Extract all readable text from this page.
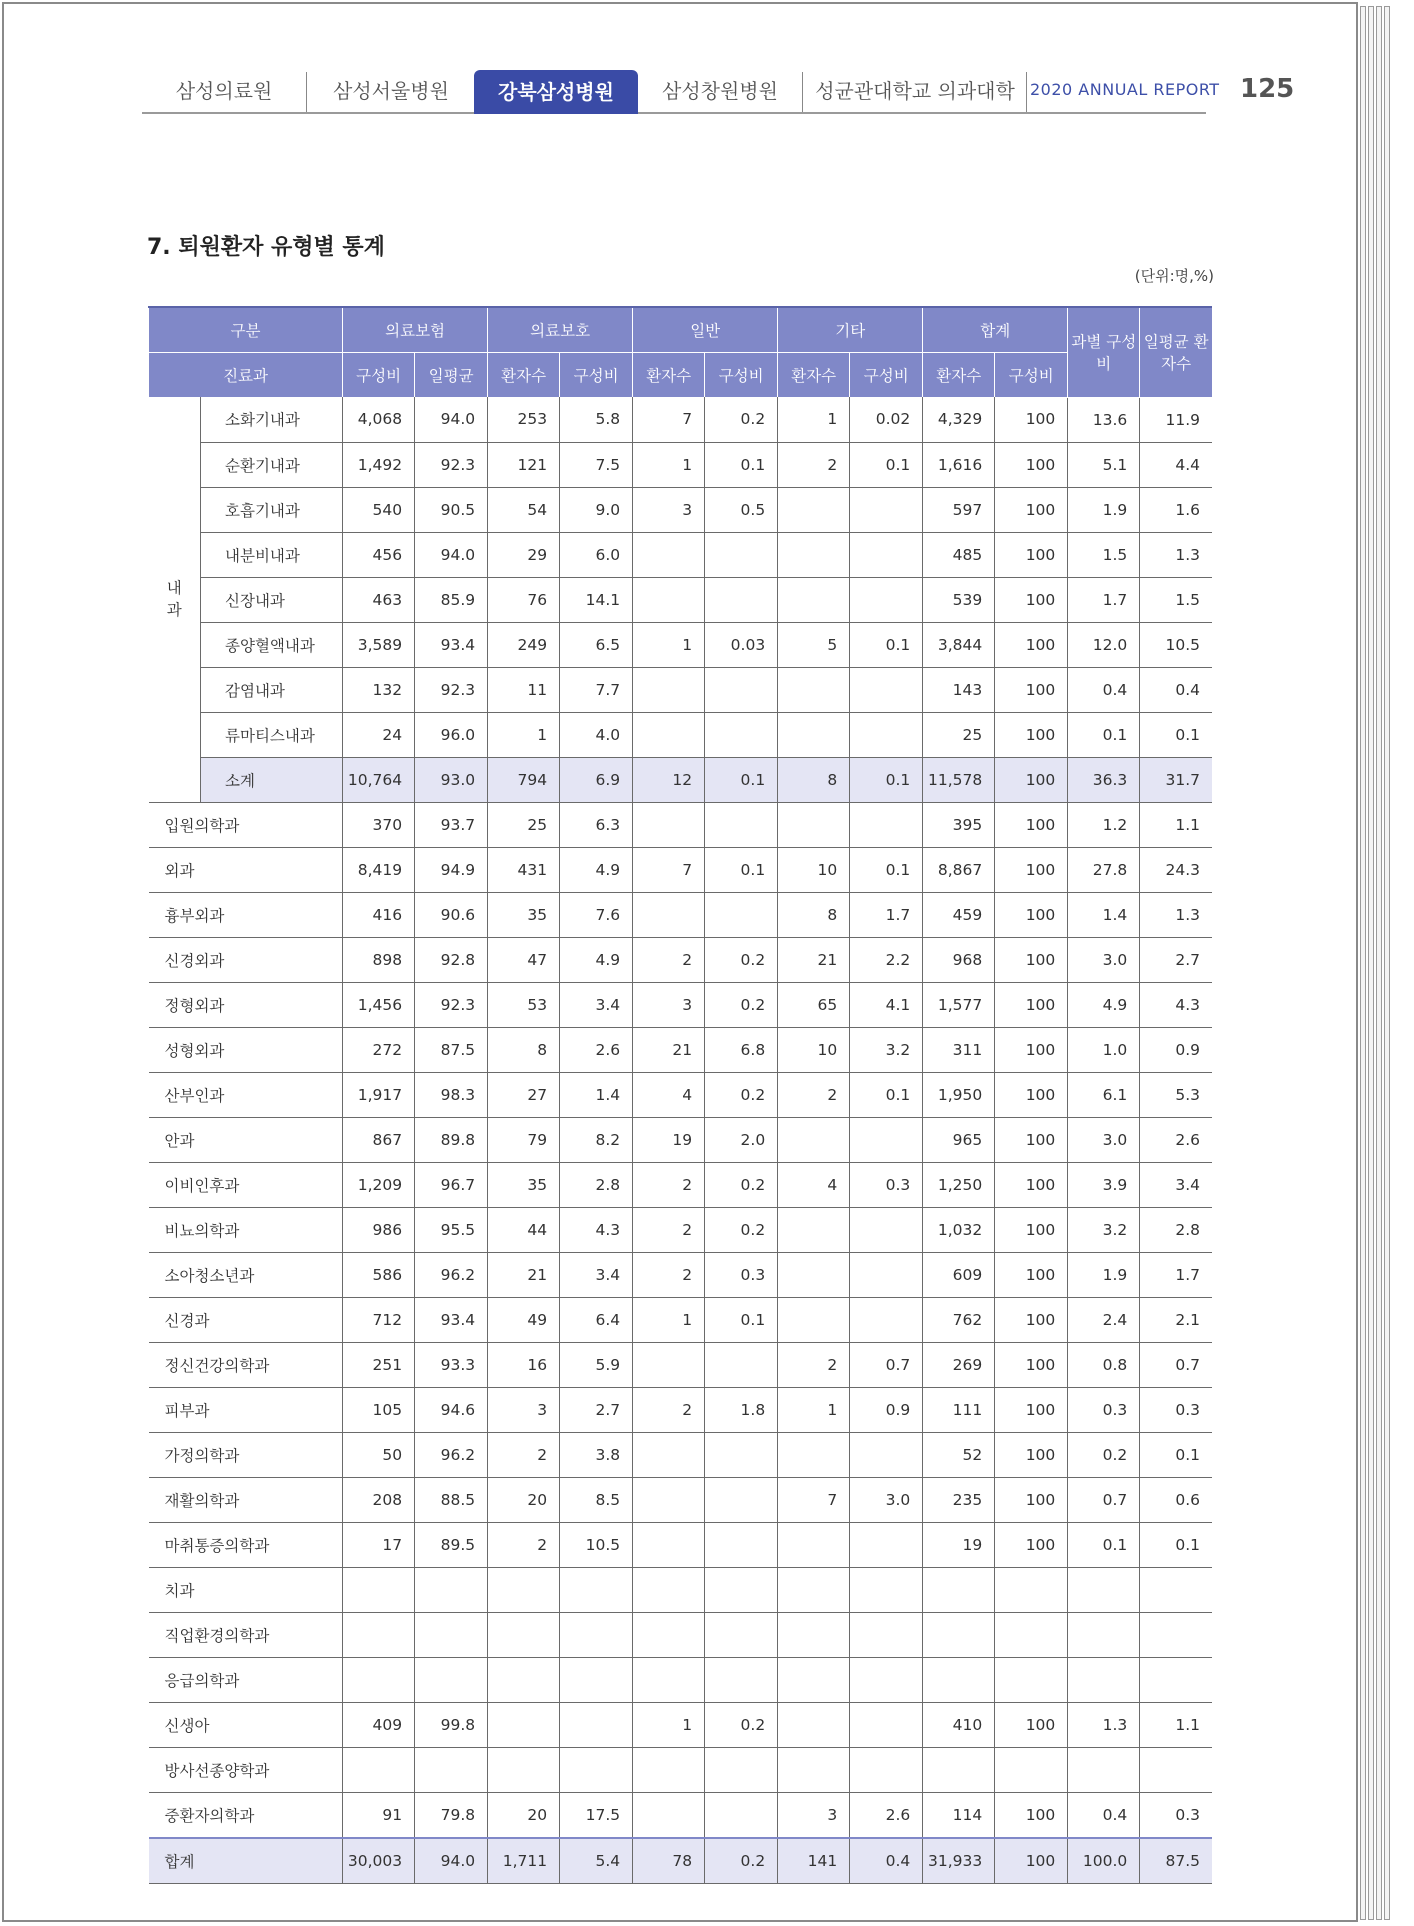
삼성의료원	삼성서울병원	강북삼성병원	삼성창원병원	성균관대학교 의과대학 2020 ANNUAL REPORT 125
7. 퇴원환자 유형별 통계
(단위:명,%)
구분		의료보험		의료보호		일반		기타		합계		과별 구성비	일평균 환자수
진료과		구성비	일평균	환자수	구성비	환자수	구성비	환자수	구성비	환자수	구성비		
내
과	소화기내과	4,068	94.0	253	5.8	7	0.2	1	0.02	4,329	100	13.6	11.9
	순환기내과	1,492	92.3	121	7.5	1	0.1	2	0.1	1,616	100	5.1	4.4
	호흡기내과	540	90.5	54	9.0	3	0.5			597	100	1.9	1.6
	내분비내과	456	94.0	29	6.0					485	100	1.5	1.3
	신장내과	463	85.9	76	14.1					539	100	1.7	1.5
	종양혈액내과	3,589	93.4	249	6.5	1	0.03	5	0.1	3,844	100	12.0	10.5
	감염내과	132	92.3	11	7.7					143	100	0.4	0.4
	류마티스내과	24	96.0	1	4.0					25	100	0.1	0.1
	소계	10,764	93.0	794	6.9	12	0.1	8	0.1	11,578	100	36.3	31.7
입원의학과		370	93.7	25	6.3					395	100	1.2	1.1
외과		8,419	94.9	431	4.9	7	0.1	10	0.1	8,867	100	27.8	24.3
흉부외과		416	90.6	35	7.6			8	1.7	459	100	1.4	1.3
신경외과		898	92.8	47	4.9	2	0.2	21	2.2	968	100	3.0	2.7
정형외과		1,456	92.3	53	3.4	3	0.2	65	4.1	1,577	100	4.9	4.3
성형외과		272	87.5	8	2.6	21	6.8	10	3.2	311	100	1.0	0.9
산부인과		1,917	98.3	27	1.4	4	0.2	2	0.1	1,950	100	6.1	5.3
안과		867	89.8	79	8.2	19	2.0			965	100	3.0	2.6
이비인후과		1,209	96.7	35	2.8	2	0.2	4	0.3	1,250	100	3.9	3.4
비뇨의학과		986	95.5	44	4.3	2	0.2			1,032	100	3.2	2.8
소아청소년과		586	96.2	21	3.4	2	0.3			609	100	1.9	1.7
신경과		712	93.4	49	6.4	1	0.1			762	100	2.4	2.1
정신건강의학과		251	93.3	16	5.9			2	0.7	269	100	0.8	0.7
피부과		105	94.6	3	2.7	2	1.8	1	0.9	111	100	0.3	0.3
가정의학과		50	96.2	2	3.8					52	100	0.2	0.1
재활의학과		208	88.5	20	8.5			7	3.0	235	100	0.7	0.6
마취통증의학과		17	89.5	2	10.5					19	100	0.1	0.1
치과													
직업환경의학과													
응급의학과													
신생아		409	99.8			1	0.2			410	100	1.3	1.1
방사선종양학과													
중환자의학과		91	79.8	20	17.5			3	2.6	114	100	0.4	0.3
합계		30,003	94.0	1,711	5.4	78	0.2	141	0.4	31,933	100	100.0	87.5
